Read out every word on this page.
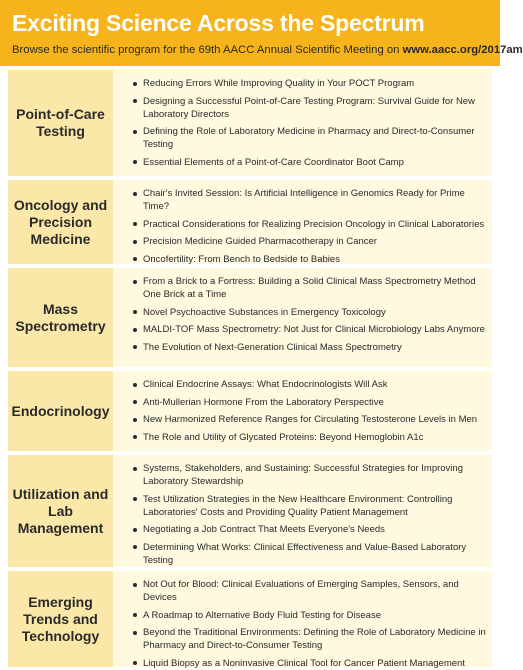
Exciting Science Across the Spectrum
Browse the scientific program for the 69th AACC Annual Scientific Meeting on www.aacc.org/2017am
Point-of-Care Testing
Reducing Errors While Improving Quality in Your POCT Program
Designing a Successful Point-of-Care Testing Program: Survival Guide for New Laboratory Directors
Defining the Role of Laboratory Medicine in Pharmacy and Direct-to-Consumer Testing
Essential Elements of a Point-of-Care Coordinator Boot Camp
Oncology and Precision Medicine
Chair's Invited Session: Is Artificial Intelligence in Genomics Ready for Prime Time?
Practical Considerations for Realizing Precision Oncology in Clinical Laboratories
Precision Medicine Guided Pharmacotherapy in Cancer
Oncofertility: From Bench to Bedside to Babies
Mass Spectrometry
From a Brick to a Fortress: Building a Solid Clinical Mass Spectrometry Method One Brick at a Time
Novel Psychoactive Substances in Emergency Toxicology
MALDI-TOF Mass Spectrometry: Not Just for Clinical Microbiology Labs Anymore
The Evolution of Next-Generation Clinical Mass Spectrometry
Endocrinology
Clinical Endocrine Assays: What Endocrinologists Will Ask
Anti-Mullerian Hormone From the Laboratory Perspective
New Harmonized Reference Ranges for Circulating Testosterone Levels in Men
The Role and Utility of Glycated Proteins: Beyond Hemoglobin A1c
Utilization and Lab Management
Systems, Stakeholders, and Sustaining: Successful Strategies for Improving Laboratory Stewardship
Test Utilization Strategies in the New Healthcare Environment: Controlling Laboratories' Costs and Providing Quality Patient Management
Negotiating a Job Contract That Meets Everyone's Needs
Determining What Works: Clinical Effectiveness and Value-Based Laboratory Testing
Emerging Trends and Technology
Not Out for Blood: Clinical Evaluations of Emerging Samples, Sensors, and Devices
A Roadmap to Alternative Body Fluid Testing for Disease
Beyond the Traditional Environments: Defining the Role of Laboratory Medicine in Pharmacy and Direct-to-Consumer Testing
Liquid Biopsy as a Noninvasive Clinical Tool for Cancer Patient Management
